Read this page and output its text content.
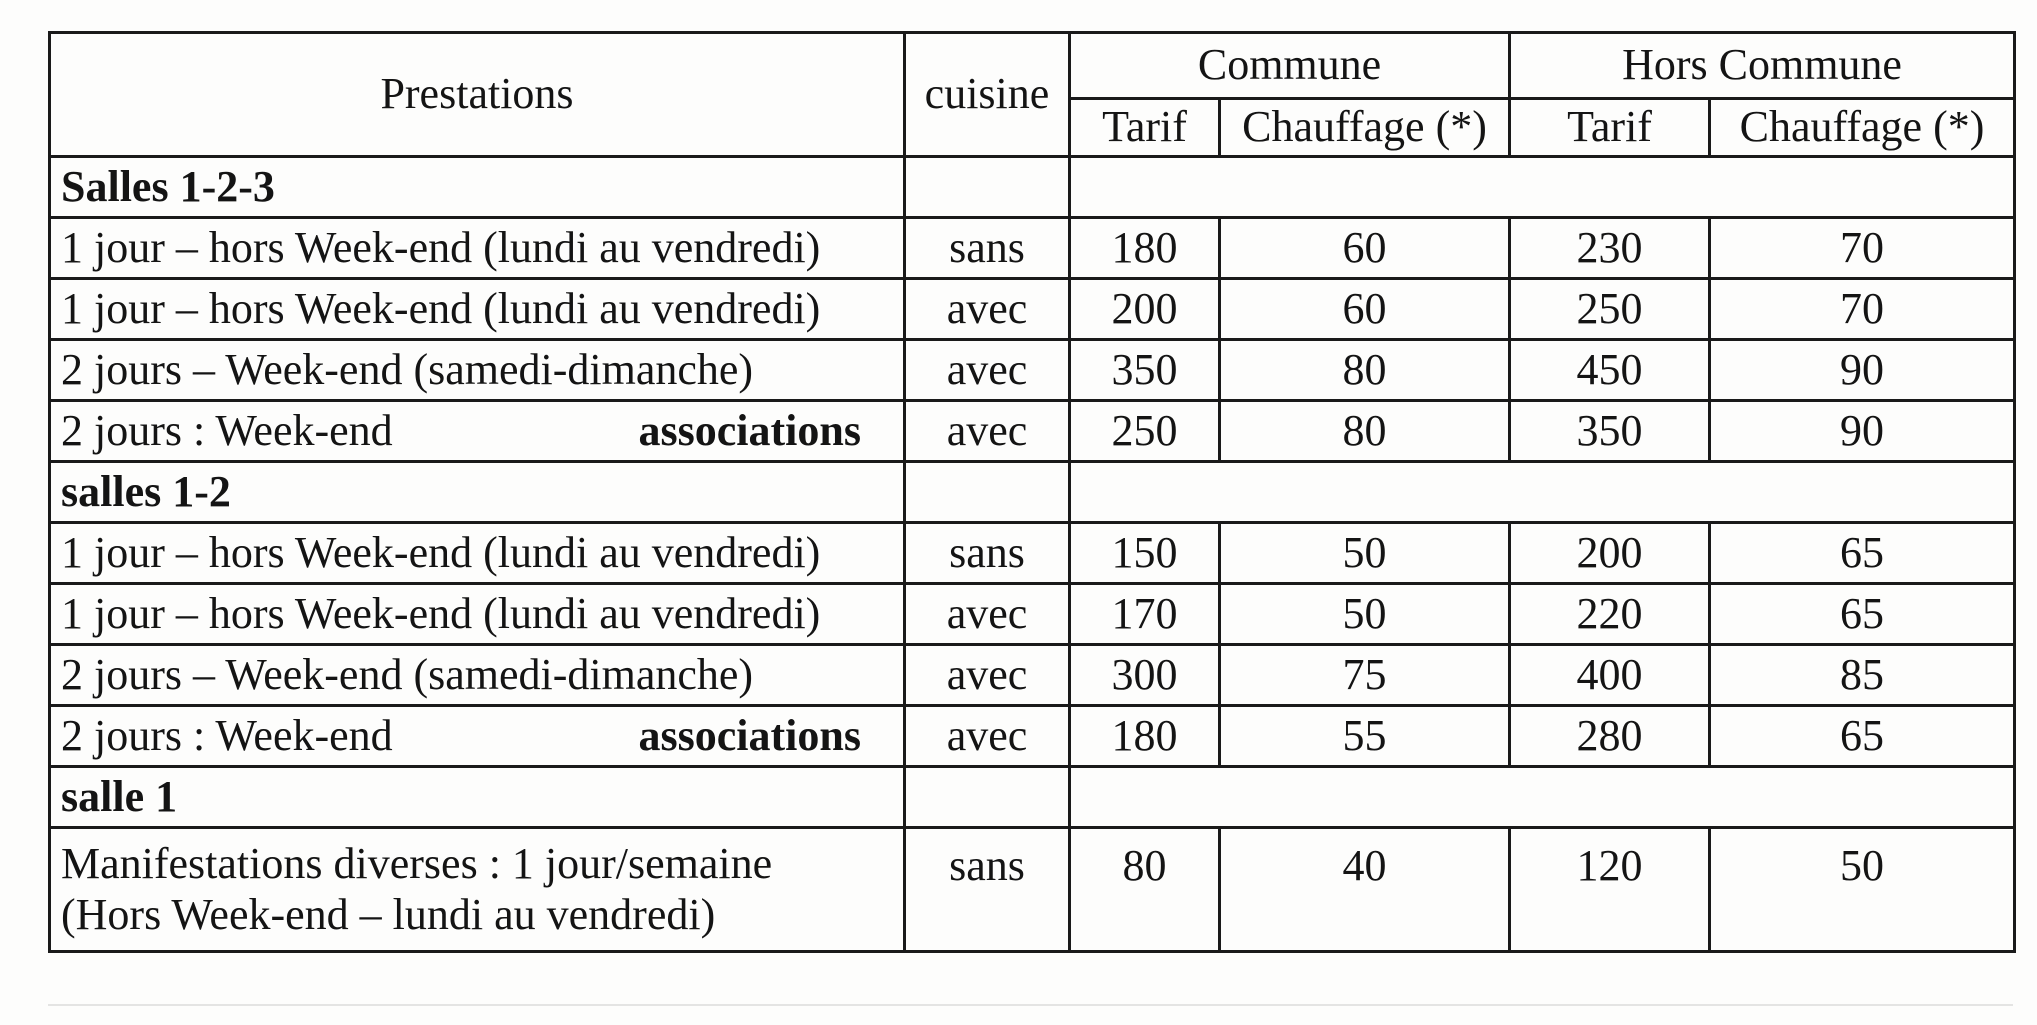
Prestations	cuisine	Commune		Hors Commune	
		Tarif	Chauffage (*)	Tarif	Chauffage (*)
Salles 1-2-3					
1 jour – hors Week-end (lundi au vendredi)	sans	180	60	230	70
1 jour – hors Week-end (lundi au vendredi)	avec	200	60	250	70
2 jours – Week-end (samedi-dimanche)	avec	350	80	450	90

2 jours : Week-end associations	avec	250	80	350	90
salles 1-2					
1 jour – hors Week-end (lundi au vendredi)	sans	150	50	200	65
1 jour – hors Week-end (lundi au vendredi)	avec	170	50	220	65
2 jours – Week-end (samedi-dimanche)	avec	300	75	400	85

2 jours : Week-end associations	avec	180	55	280	65
salle 1					

Manifestations diverses : 1 jour/semaine
(Hors Week-end – lundi au vendredi)	sans	80	40	120	50
